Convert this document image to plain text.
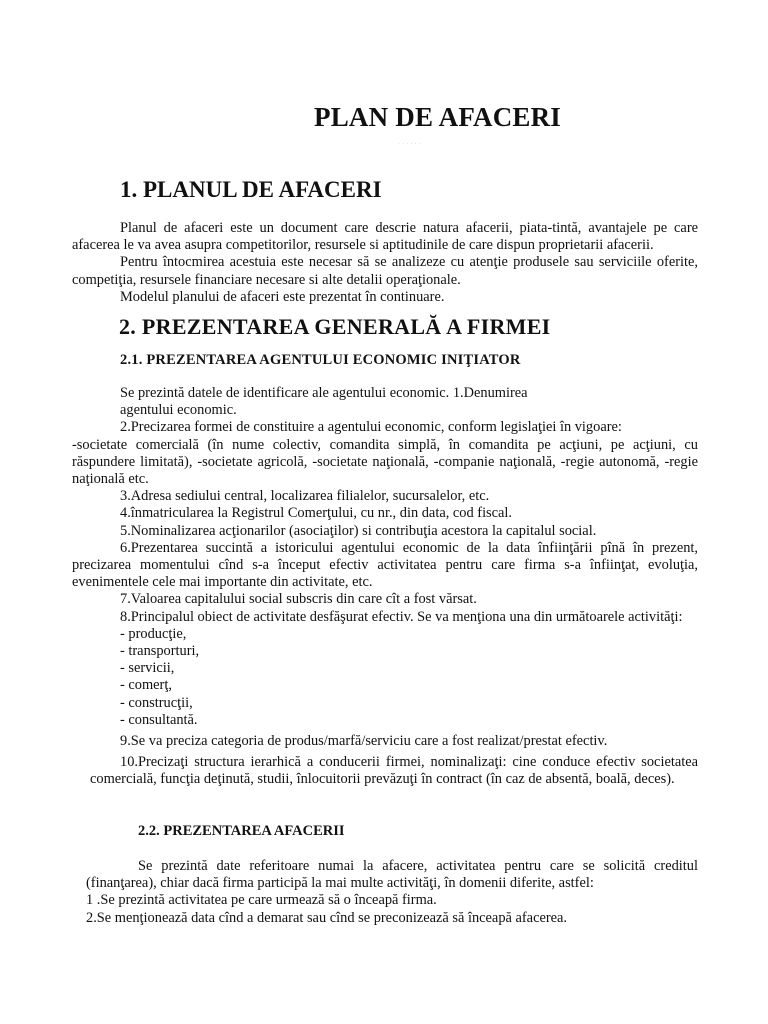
PLAN DE AFACERI
· · · · · ·
1. PLANUL DE AFACERI

Planul de afaceri este un document care descrie natura afacerii, piata-tintă, avantajele pe care afacerea le va avea asupra competitorilor, resursele si aptitudinile de care dispun proprietarii afacerii.

Pentru întocmirea acestuia este necesar să se analizeze cu atenţie produsele sau serviciile oferite, competiţia, resursele financiare necesare si alte detalii operaţionale.

Modelul planului de afaceri este prezentat în continuare.

2. PREZENTAREA GENERALĂ A FIRMEI
2.1. PREZENTAREA AGENTULUI ECONOMIC INIŢIATOR

Se prezintă datele de identificare ale agentului economic. 1.Denumirea

agentului economic.

2.Precizarea formei de constituire a agentului economic, conform legislaţiei în vigoare:

-societate comercială (în nume colectiv, comandita simplă, în comandita pe acţiuni, pe acţiuni, cu răspundere limitată), -societate agricolă, -societate naţională, -companie naţională, -regie autonomă, -regie naţională etc.

3.Adresa sediului central, localizarea filialelor, sucursalelor, etc.

4.înmatricularea la Registrul Comerţului, cu nr., din data, cod fiscal.

5.Nominalizarea acţionarilor (asociaţilor) si contribuţia acestora la capitalul social.

6.Prezentarea succintă a istoricului agentului economic de la data înfiinţării pînă în prezent, precizarea momentului cînd s-a început efectiv activitatea pentru care firma s-a înfiinţat, evoluţia, evenimentele cele mai importante din activitate, etc.

7.Valoarea capitalului social subscris din care cît a fost vărsat.

8.Principalul obiect de activitate desfăşurat efectiv. Se va menţiona una din următoarele activităţi:

- producţie,

- transporturi,

- servicii,

- comerţ,

- construcţii,

- consultantă.

9.Se va preciza categoria de produs/marfă/serviciu care a fost realizat/prestat efectiv.

10.Precizaţi structura ierarhică a conducerii firmei, nominalizaţi: cine conduce efectiv societatea comercială, funcţia deţinută, studii, înlocuitorii prevăzuţi în contract (în caz de absentă, boală, deces).

2.2. PREZENTAREA AFACERII

Se prezintă date referitoare numai la afacere, activitatea pentru care se solicită creditul (finanţarea), chiar dacă firma participă la mai multe activităţi, în domenii diferite, astfel:

1 .Se prezintă activitatea pe care urmează să o înceapă firma.

2.Se menţionează data cînd a demarat sau cînd se preconizează să înceapă afacerea.
